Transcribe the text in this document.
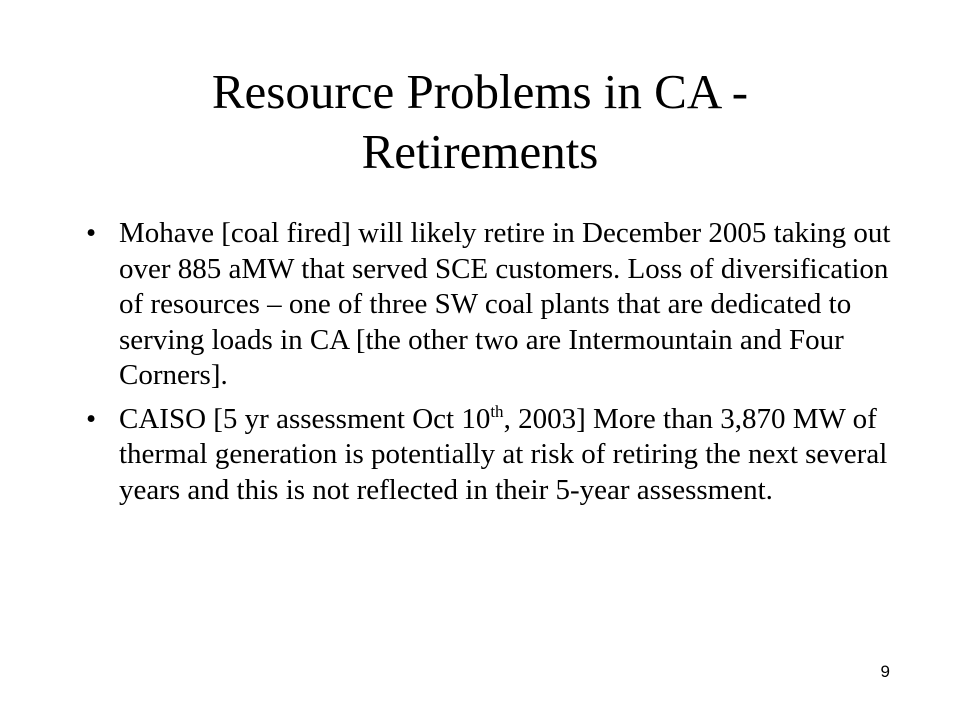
Resource Problems in CA -
Retirements
• Mohave [coal fired] will likely retire in December 2005 taking out over 885 aMW that served SCE customers. Loss of diversification of resources – one of three SW coal plants that are dedicated to serving loads in CA [the other two are Intermountain and Four Corners].
• CAISO [5 yr assessment Oct 10th, 2003] More than 3,870 MW of thermal generation is potentially at risk of retiring the next several years and this is not reflected in their 5-year assessment.
9
